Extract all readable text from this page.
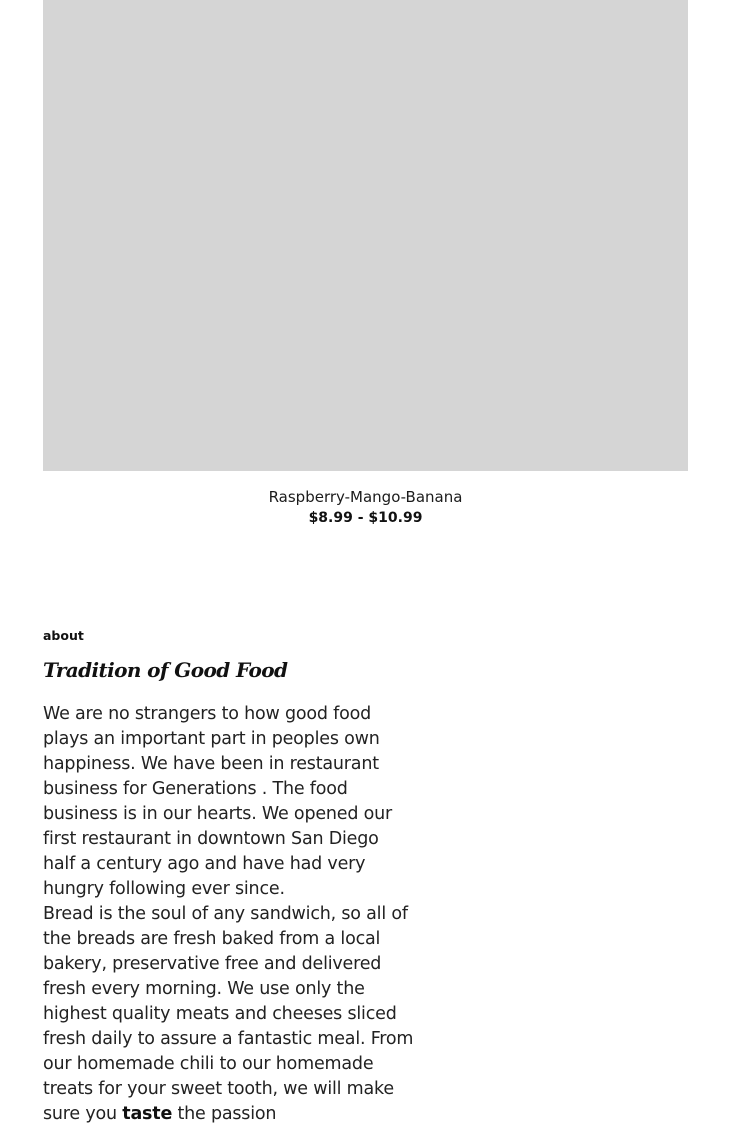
Raspberry-Mango-Banana
$8.99 - $10.99
about
Tradition of Good Food

We are no strangers to how good food plays an important part in peoples own happiness. We have been in restaurant business for Generations . The food business is in our hearts. We opened our first restaurant in downtown San Diego half a century ago and have had very hungry following ever since.

Bread is the soul of any sandwich, so all of the breads are fresh baked from a local bakery, preservative free and delivered fresh every morning. We use only the highest quality meats and cheeses sliced fresh daily to assure a fantastic meal. From our homemade chili to our homemade treats for your sweet tooth, we will make sure you taste the passion
